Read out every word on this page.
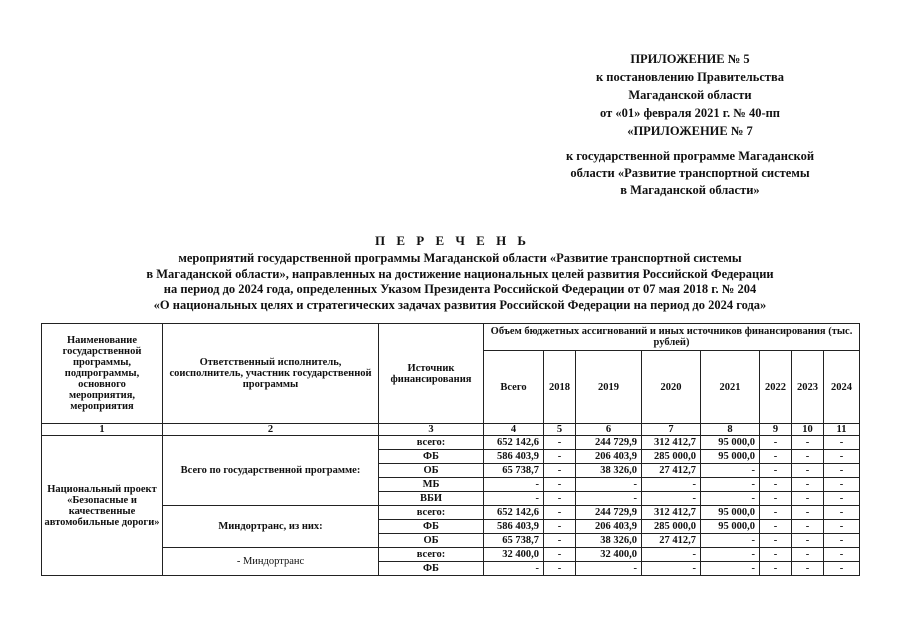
ПРИЛОЖЕНИЕ № 5
к постановлению Правительства
Магаданской области
от «01» февраля 2021 г. № 40-пп
«ПРИЛОЖЕНИЕ № 7
к государственной программе Магаданской
области «Развитие транспортной системы
в Магаданской области»
П Е Р Е Ч Е Н Ь
мероприятий государственной программы Магаданской области «Развитие транспортной системы
в Магаданской области», направленных на достижение национальных целей развития Российской Федерации
на период до 2024 года, определенных Указом Президента Российской Федерации от 07 мая 2018 г. № 204
«О национальных целях и стратегических задачах развития Российской Федерации на период до 2024 года»
Наименование государственной программы, подпрограммы, основного мероприятия, мероприятия	Ответственный исполнитель, соисполнитель, участник государственной программы	Источник финансирования	Объем бюджетных ассигнований и иных источников финансирования (тыс. рублей)							
			Всего	2018	2019	2020	2021	2022	2023	2024
1	2	3	4	5	6	7	8	9	10	11
Национальный проект «Безопасные и качественные автомобильные дороги»	Всего по государственной программе:	всего:	652 142,6	-	244 729,9	312 412,7	95 000,0	-	-	-
		ФБ	586 403,9	-	206 403,9	285 000,0	95 000,0	-	-	-
		ОБ	65 738,7	-	38 326,0	27 412,7	-	-	-	-
		МБ	-	-	-	-	-	-	-	-
		ВБИ	-	-	-	-	-	-	-	-
	Миндортранс, из них:	всего:	652 142,6	-	244 729,9	312 412,7	95 000,0	-	-	-
		ФБ	586 403,9	-	206 403,9	285 000,0	95 000,0	-	-	-
		ОБ	65 738,7	-	38 326,0	27 412,7	-	-	-	-
	- Миндортранс	всего:	32 400,0	-	32 400,0	-	-	-	-	-
		ФБ	-	-	-	-	-	-	-	-
